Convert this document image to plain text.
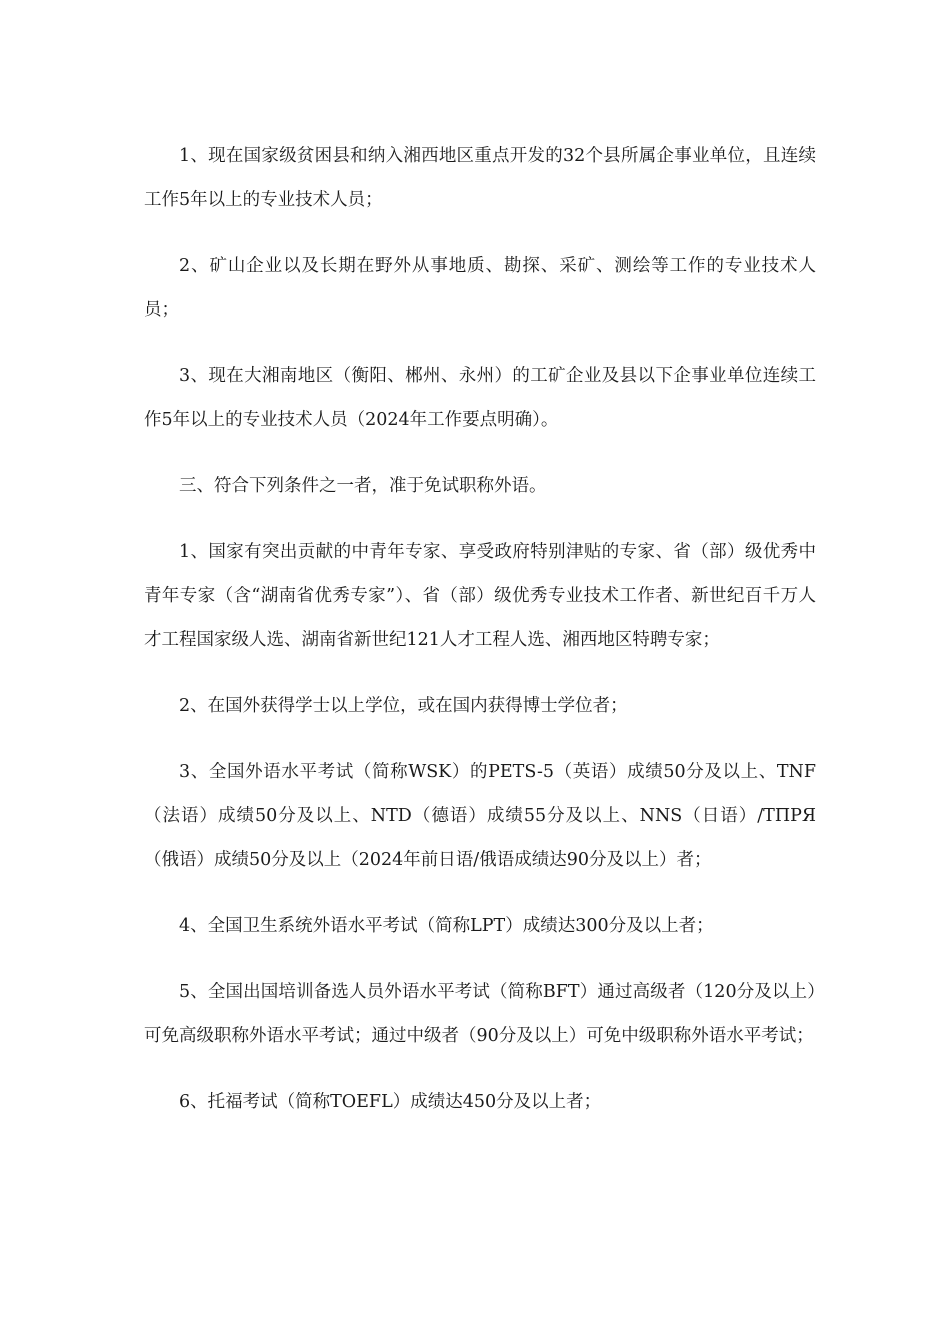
1、现在国家级贫困县和纳入湘西地区重点开发的32个县所属企事业单位，且连续工作5年以上的专业技术人员；

2、矿山企业以及长期在野外从事地质、勘探、采矿、测绘等工作的专业技术人员；

3、现在大湘南地区（衡阳、郴州、永州）的工矿企业及县以下企事业单位连续工作5年以上的专业技术人员（2024年工作要点明确）。

三、符合下列条件之一者，准于免试职称外语。

1、国家有突出贡献的中青年专家、享受政府特别津贴的专家、省（部）级优秀中青年专家（含“湖南省优秀专家”）、省（部）级优秀专业技术工作者、新世纪百千万人才工程国家级人选、湖南省新世纪121人才工程人选、湘西地区特聘专家；

2、在国外获得学士以上学位，或在国内获得博士学位者；

3、全国外语水平考试（简称WSK）的PETS-5（英语）成绩50分及以上、TNF（法语）成绩50分及以上、NTD（德语）成绩55分及以上、NNS（日语）/ТПРЯ（俄语）成绩50分及以上（2024年前日语/俄语成绩达90分及以上）者；

4、全国卫生系统外语水平考试（简称LPT）成绩达300分及以上者；

5、全国出国培训备选人员外语水平考试（简称BFT）通过高级者（120分及以上）可免高级职称外语水平考试；通过中级者（90分及以上）可免中级职称外语水平考试；

6、托福考试（简称TOEFL）成绩达450分及以上者；
